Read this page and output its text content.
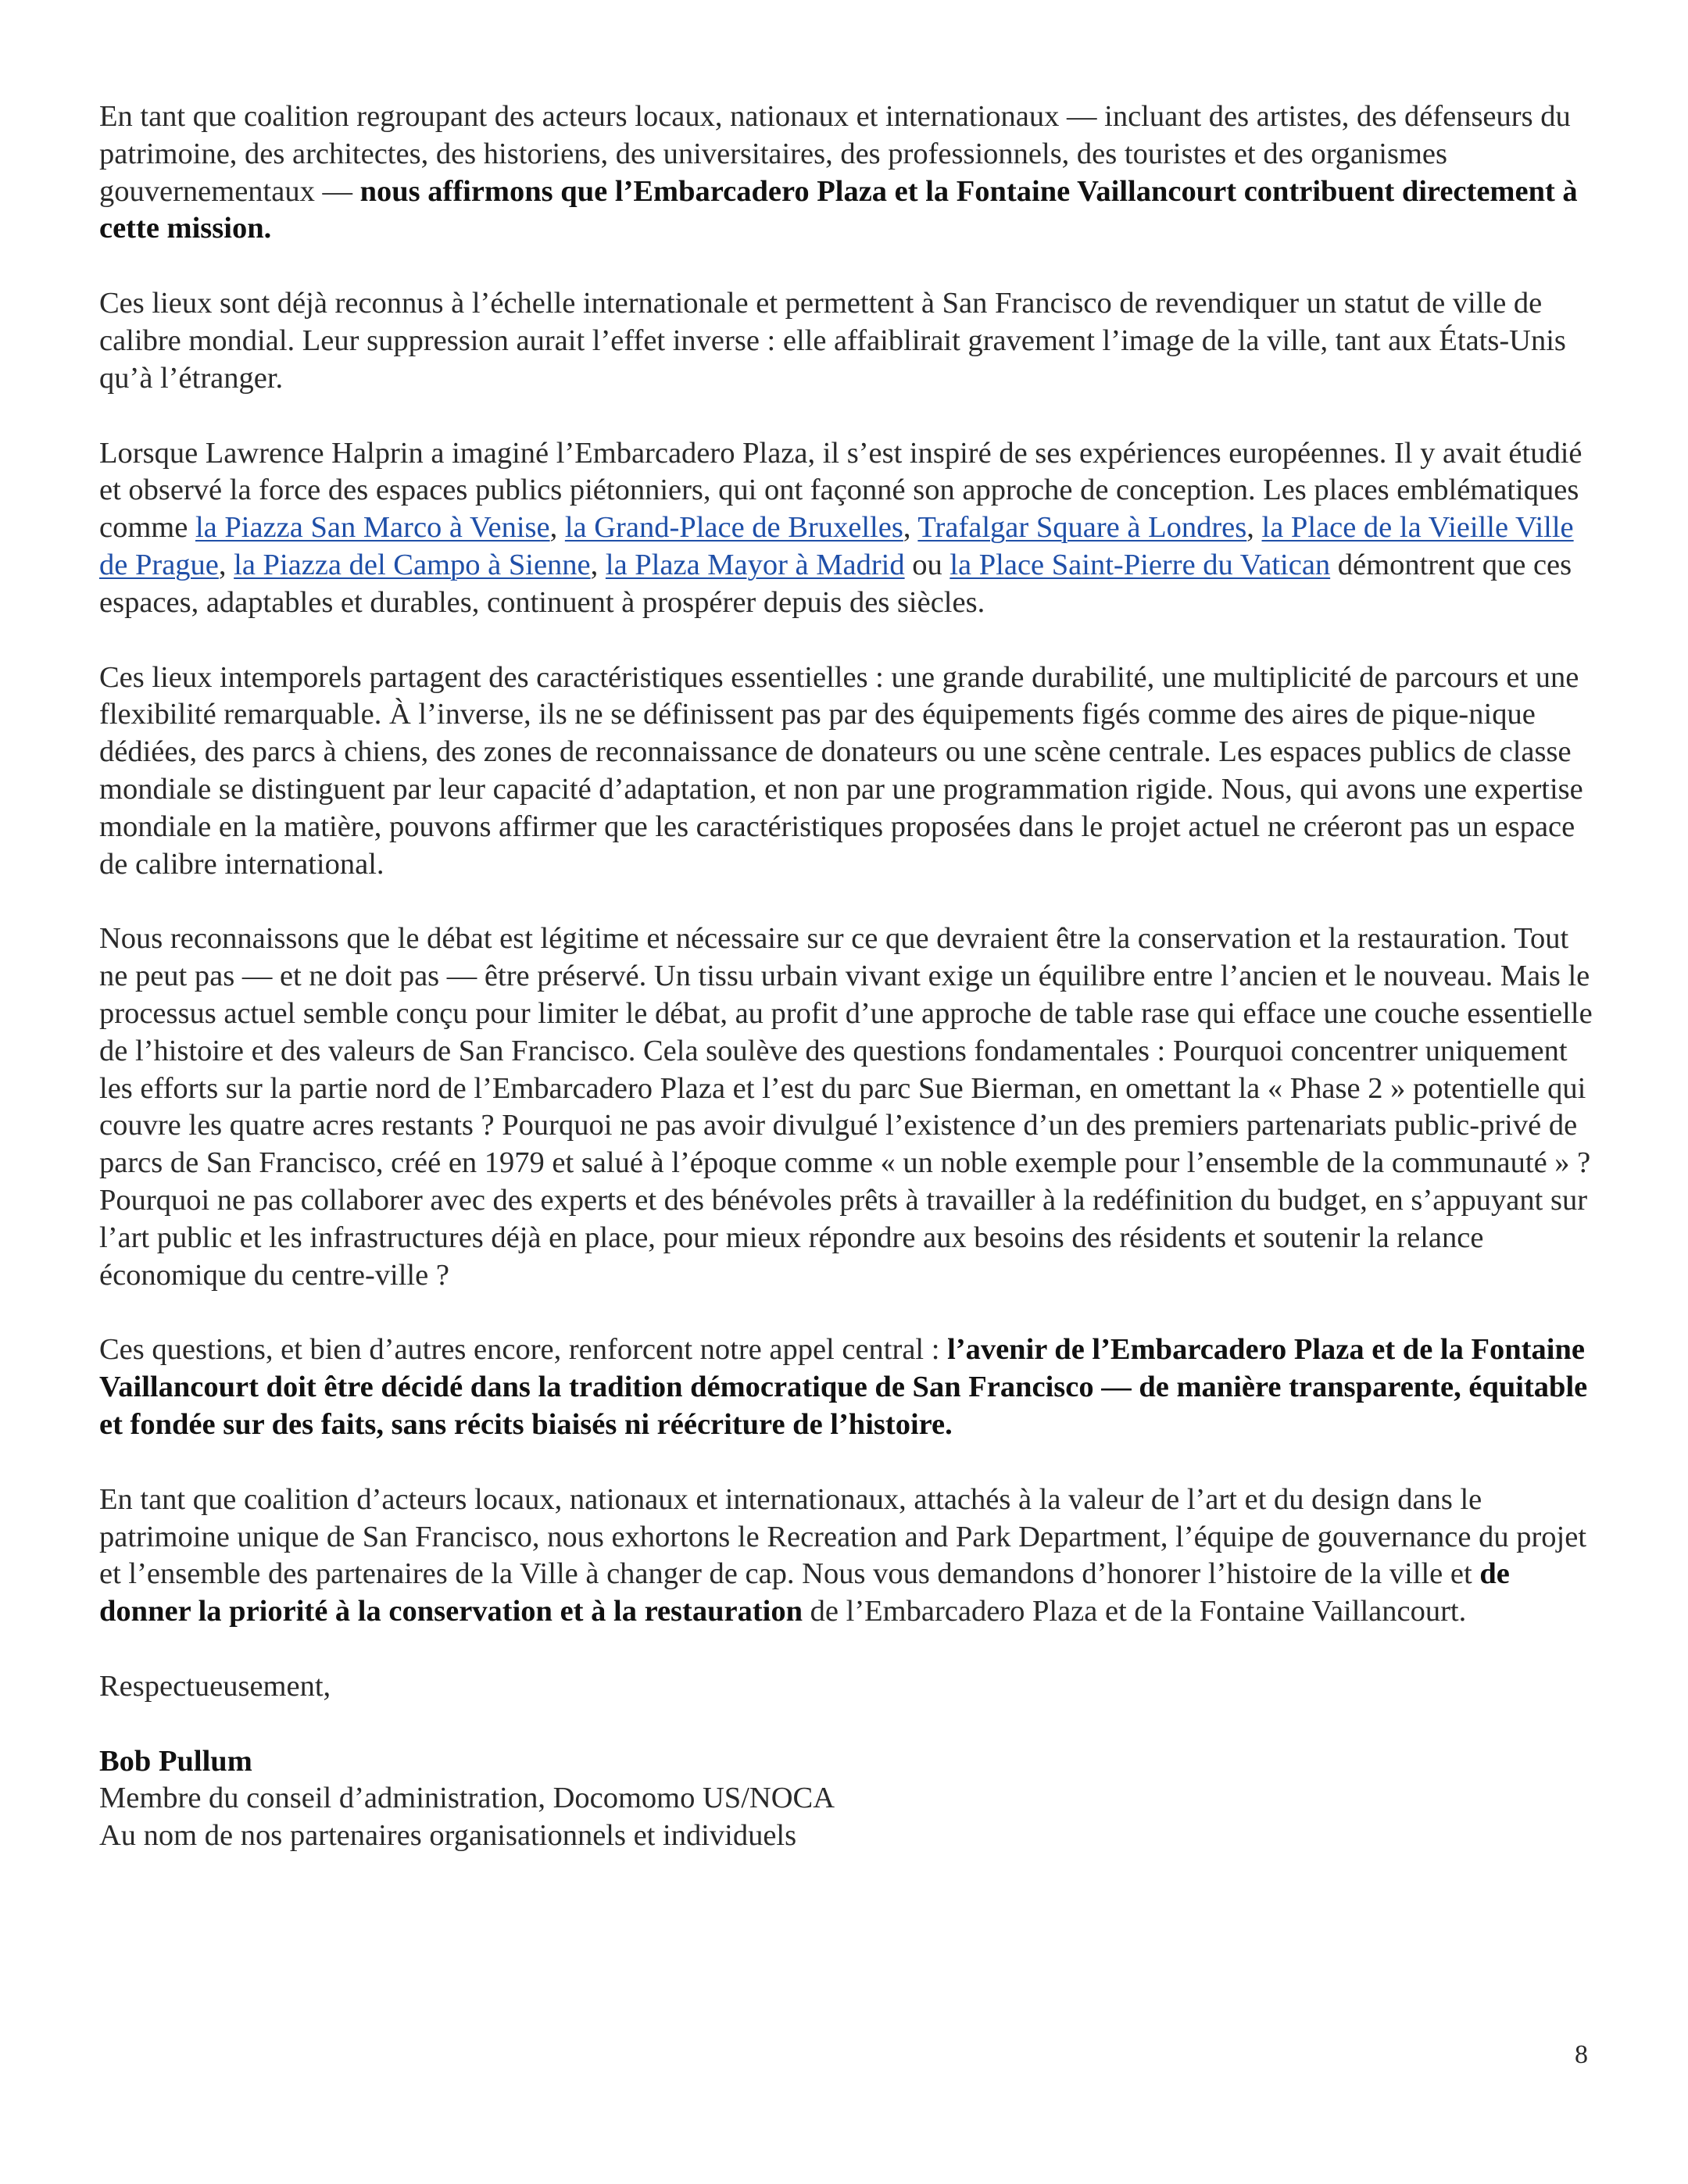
En tant que coalition regroupant des acteurs locaux, nationaux et internationaux — incluant des artistes, des défenseurs du patrimoine, des architectes, des historiens, des universitaires, des professionnels, des touristes et des organismes gouvernementaux — nous affirmons que l’Embarcadero Plaza et la Fontaine Vaillancourt contribuent directement à cette mission.

Ces lieux sont déjà reconnus à l’échelle internationale et permettent à San Francisco de revendiquer un statut de ville de calibre mondial. Leur suppression aurait l’effet inverse : elle affaiblirait gravement l’image de la ville, tant aux États-Unis qu’à l’étranger.

Lorsque Lawrence Halprin a imaginé l’Embarcadero Plaza, il s’est inspiré de ses expériences européennes. Il y avait étudié et observé la force des espaces publics piétonniers, qui ont façonné son approche de conception. Les places emblématiques comme la Piazza San Marco à Venise, la Grand-Place de Bruxelles, Trafalgar Square à Londres, la Place de la Vieille Ville de Prague, la Piazza del Campo à Sienne, la Plaza Mayor à Madrid ou la Place Saint-Pierre du Vatican démontrent que ces espaces, adaptables et durables, continuent à prospérer depuis des siècles.

Ces lieux intemporels partagent des caractéristiques essentielles : une grande durabilité, une multiplicité de parcours et une flexibilité remarquable. À l’inverse, ils ne se définissent pas par des équipements figés comme des aires de pique-nique dédiées, des parcs à chiens, des zones de reconnaissance de donateurs ou une scène centrale. Les espaces publics de classe mondiale se distinguent par leur capacité d’adaptation, et non par une programmation rigide. Nous, qui avons une expertise mondiale en la matière, pouvons affirmer que les caractéristiques proposées dans le projet actuel ne créeront pas un espace de calibre international.

Nous reconnaissons que le débat est légitime et nécessaire sur ce que devraient être la conservation et la restauration. Tout ne peut pas — et ne doit pas — être préservé. Un tissu urbain vivant exige un équilibre entre l’ancien et le nouveau. Mais le processus actuel semble conçu pour limiter le débat, au profit d’une approche de table rase qui efface une couche essentielle de l’histoire et des valeurs de San Francisco. Cela soulève des questions fondamentales : Pourquoi concentrer uniquement les efforts sur la partie nord de l’Embarcadero Plaza et l’est du parc Sue Bierman, en omettant la « Phase 2 » potentielle qui couvre les quatre acres restants ? Pourquoi ne pas avoir divulgué l’existence d’un des premiers partenariats public-privé de parcs de San Francisco, créé en 1979 et salué à l’époque comme « un noble exemple pour l’ensemble de la communauté » ? Pourquoi ne pas collaborer avec des experts et des bénévoles prêts à travailler à la redéfinition du budget, en s’appuyant sur l’art public et les infrastructures déjà en place, pour mieux répondre aux besoins des résidents et soutenir la relance économique du centre-ville ?

Ces questions, et bien d’autres encore, renforcent notre appel central : l’avenir de l’Embarcadero Plaza et de la Fontaine Vaillancourt doit être décidé dans la tradition démocratique de San Francisco — de manière transparente, équitable et fondée sur des faits, sans récits biaisés ni réécriture de l’histoire.

En tant que coalition d’acteurs locaux, nationaux et internationaux, attachés à la valeur de l’art et du design dans le patrimoine unique de San Francisco, nous exhortons le Recreation and Park Department, l’équipe de gouvernance du projet et l’ensemble des partenaires de la Ville à changer de cap. Nous vous demandons d’honorer l’histoire de la ville et de donner la priorité à la conservation et à la restauration de l’Embarcadero Plaza et de la Fontaine Vaillancourt.

Respectueusement,

Bob Pullum
Membre du conseil d’administration, Docomomo US/NOCA
Au nom de nos partenaires organisationnels et individuels

8
